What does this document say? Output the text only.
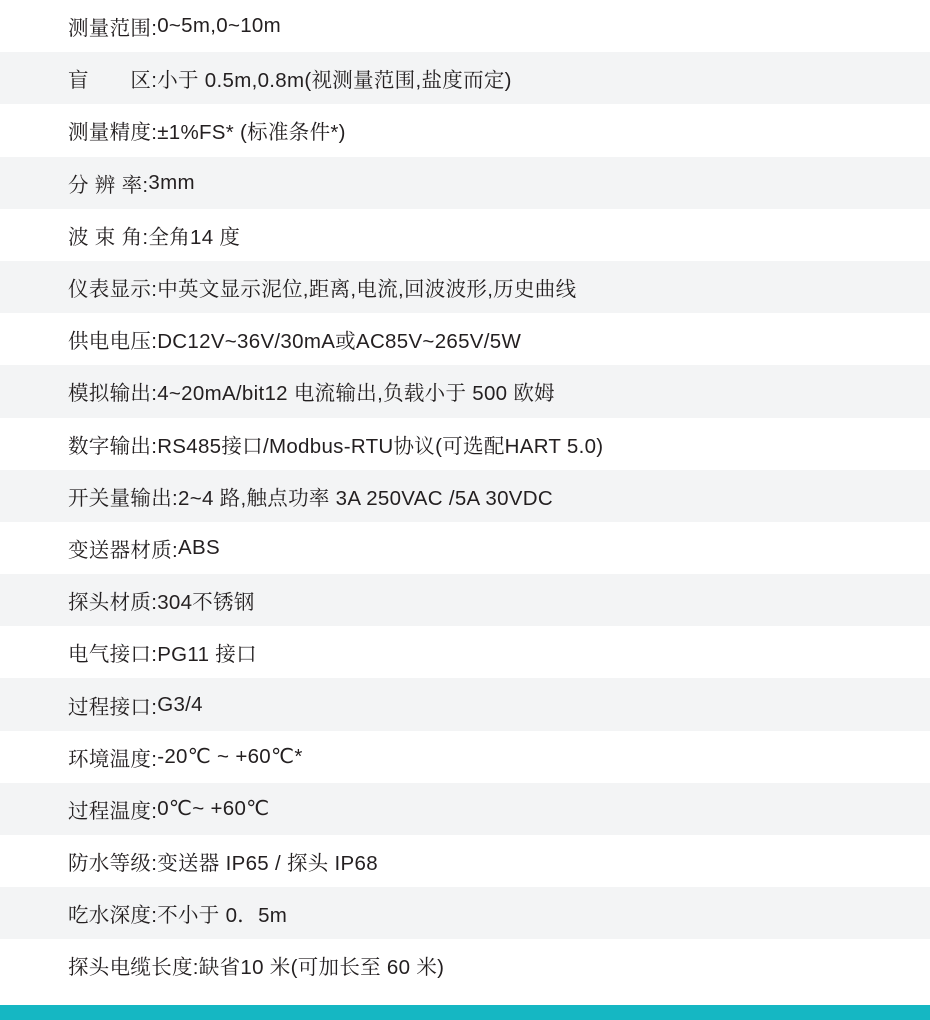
测量范围: 0~5m,0~10m
盲　　区: 小于 0.5m,0.8m(视测量范围,盐度而定)
测量精度: ±1%FS* (标准条件*)
分 辨 率: 3mm
波 束 角: 全角14 度
仪表显示: 中英文显示泥位,距离,电流,回波波形,历史曲线
供电电压: DC12V~36V/30mA或AC85V~265V/5W
模拟输出: 4~20mA/bit12 电流输出,负载小于 500 欧姆
数字输出: RS485接口/Modbus-RTU协议(可选配HART 5.0)
开关量输出: 2~4 路,触点功率 3A 250VAC /5A 30VDC
变送器材质: ABS
探头材质: 304不锈钢
电气接口: PG11 接口
过程接口: G3/4
环境温度: -20℃ ~ +60℃*
过程温度: 0℃~ +60℃
防水等级: 变送器 IP65 / 探头 IP68
吃水深度: 不小于 0．5m
探头电缆长度: 缺省10 米(可加长至 60 米)
